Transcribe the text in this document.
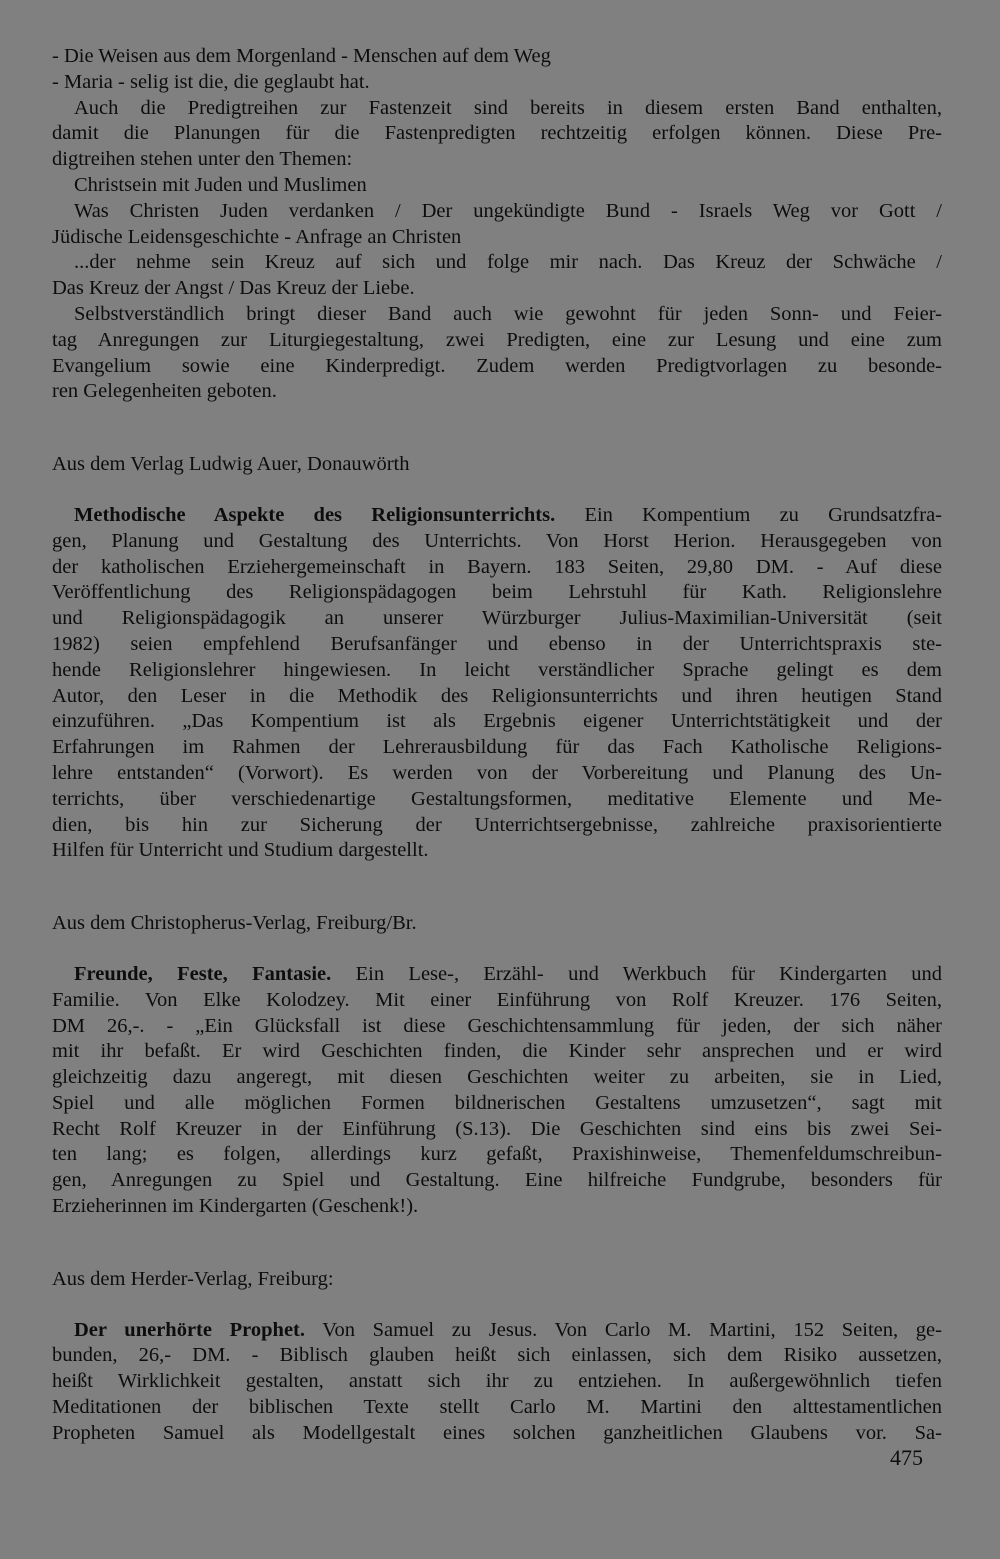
- Die Weisen aus dem Morgenland - Menschen auf dem Weg
- Maria - selig ist die, die geglaubt hat.
Auch die Predigtreihen zur Fastenzeit sind bereits in diesem ersten Band enthalten,
damit die Planungen für die Fastenpredigten rechtzeitig erfolgen können. Diese Pre-
digtreihen stehen unter den Themen:
Christsein mit Juden und Muslimen
Was Christen Juden verdanken / Der ungekündigte Bund - Israels Weg vor Gott /
Jüdische Leidensgeschichte - Anfrage an Christen
...der nehme sein Kreuz auf sich und folge mir nach. Das Kreuz der Schwäche /
Das Kreuz der Angst / Das Kreuz der Liebe.
Selbstverständlich bringt dieser Band auch wie gewohnt für jeden Sonn- und Feier-
tag Anregungen zur Liturgiegestaltung, zwei Predigten, eine zur Lesung und eine zum
Evangelium sowie eine Kinderpredigt. Zudem werden Predigtvorlagen zu besonde-
ren Gelegenheiten geboten.
Aus dem Verlag Ludwig Auer, Donauwörth
Methodische Aspekte des Religionsunterrichts. Ein Kompentium zu Grundsatzfra-
gen, Planung und Gestaltung des Unterrichts. Von Horst Herion. Herausgegeben von
der katholischen Erziehergemeinschaft in Bayern. 183 Seiten, 29,80 DM. - Auf diese
Veröffentlichung des Religionspädagogen beim Lehrstuhl für Kath. Religionslehre
und Religionspädagogik an unserer Würzburger Julius-Maximilian-Universität (seit
1982) seien empfehlend Berufsanfänger und ebenso in der Unterrichtspraxis ste-
hende Religionslehrer hingewiesen. In leicht verständlicher Sprache gelingt es dem
Autor, den Leser in die Methodik des Religionsunterrichts und ihren heutigen Stand
einzuführen. „Das Kompentium ist als Ergebnis eigener Unterrichtstätigkeit und der
Erfahrungen im Rahmen der Lehrerausbildung für das Fach Katholische Religions-
lehre entstanden“ (Vorwort). Es werden von der Vorbereitung und Planung des Un-
terrichts, über verschiedenartige Gestaltungsformen, meditative Elemente und Me-
dien, bis hin zur Sicherung der Unterrichtsergebnisse, zahlreiche praxisorientierte
Hilfen für Unterricht und Studium dargestellt.
Aus dem Christopherus-Verlag, Freiburg/Br.
Freunde, Feste, Fantasie. Ein Lese-, Erzähl- und Werkbuch für Kindergarten und
Familie. Von Elke Kolodzey. Mit einer Einführung von Rolf Kreuzer. 176 Seiten,
DM 26,-. - „Ein Glücksfall ist diese Geschichtensammlung für jeden, der sich näher
mit ihr befaßt. Er wird Geschichten finden, die Kinder sehr ansprechen und er wird
gleichzeitig dazu angeregt, mit diesen Geschichten weiter zu arbeiten, sie in Lied,
Spiel und alle möglichen Formen bildnerischen Gestaltens umzusetzen“, sagt mit
Recht Rolf Kreuzer in der Einführung (S.13). Die Geschichten sind eins bis zwei Sei-
ten lang; es folgen, allerdings kurz gefaßt, Praxishinweise, Themenfeldumschreibun-
gen, Anregungen zu Spiel und Gestaltung. Eine hilfreiche Fundgrube, besonders für
Erzieherinnen im Kindergarten (Geschenk!).
Aus dem Herder-Verlag, Freiburg:
Der unerhörte Prophet. Von Samuel zu Jesus. Von Carlo M. Martini, 152 Seiten, ge-
bunden, 26,- DM. - Biblisch glauben heißt sich einlassen, sich dem Risiko aussetzen,
heißt Wirklichkeit gestalten, anstatt sich ihr zu entziehen. In außergewöhnlich tiefen
Meditationen der biblischen Texte stellt Carlo M. Martini den alttestamentlichen
Propheten Samuel als Modellgestalt eines solchen ganzheitlichen Glaubens vor. Sa-
475
